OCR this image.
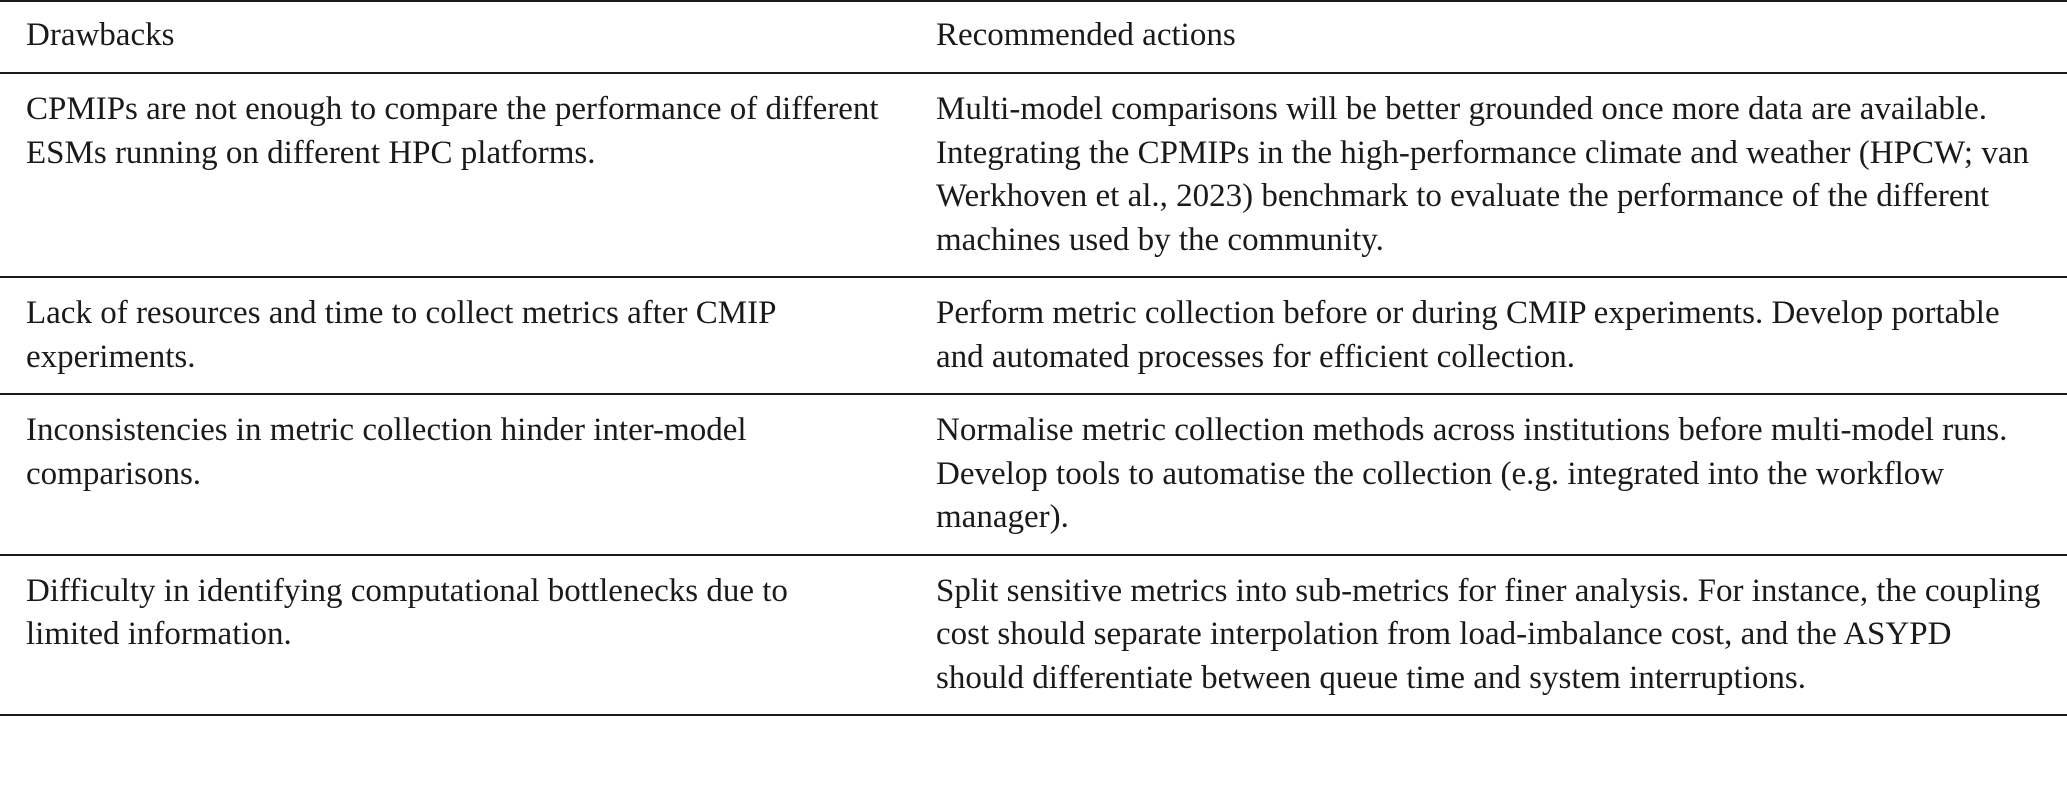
Drawbacks	Recommended actions
CPMIPs are not enough to compare the performance of different ESMs running on different HPC platforms.	Multi-model comparisons will be better grounded once more data are available. Integrating the CPMIPs in the high-performance climate and weather (HPCW; van Werkhoven et al., 2023) benchmark to evaluate the performance of the different machines used by the community.
Lack of resources and time to collect metrics after CMIP experiments.	Perform metric collection before or during CMIP experiments. Develop portable and automated processes for efficient collection.
Inconsistencies in metric collection hinder inter-model comparisons.	Normalise metric collection methods across institutions before multi-model runs. Develop tools to automatise the collection (e.g. integrated into the workflow manager).
Difficulty in identifying computational bottlenecks due to limited information.	Split sensitive metrics into sub-metrics for finer analysis. For instance, the coupling cost should separate interpolation from load-imbalance cost, and the ASYPD should differentiate between queue time and system interruptions.
